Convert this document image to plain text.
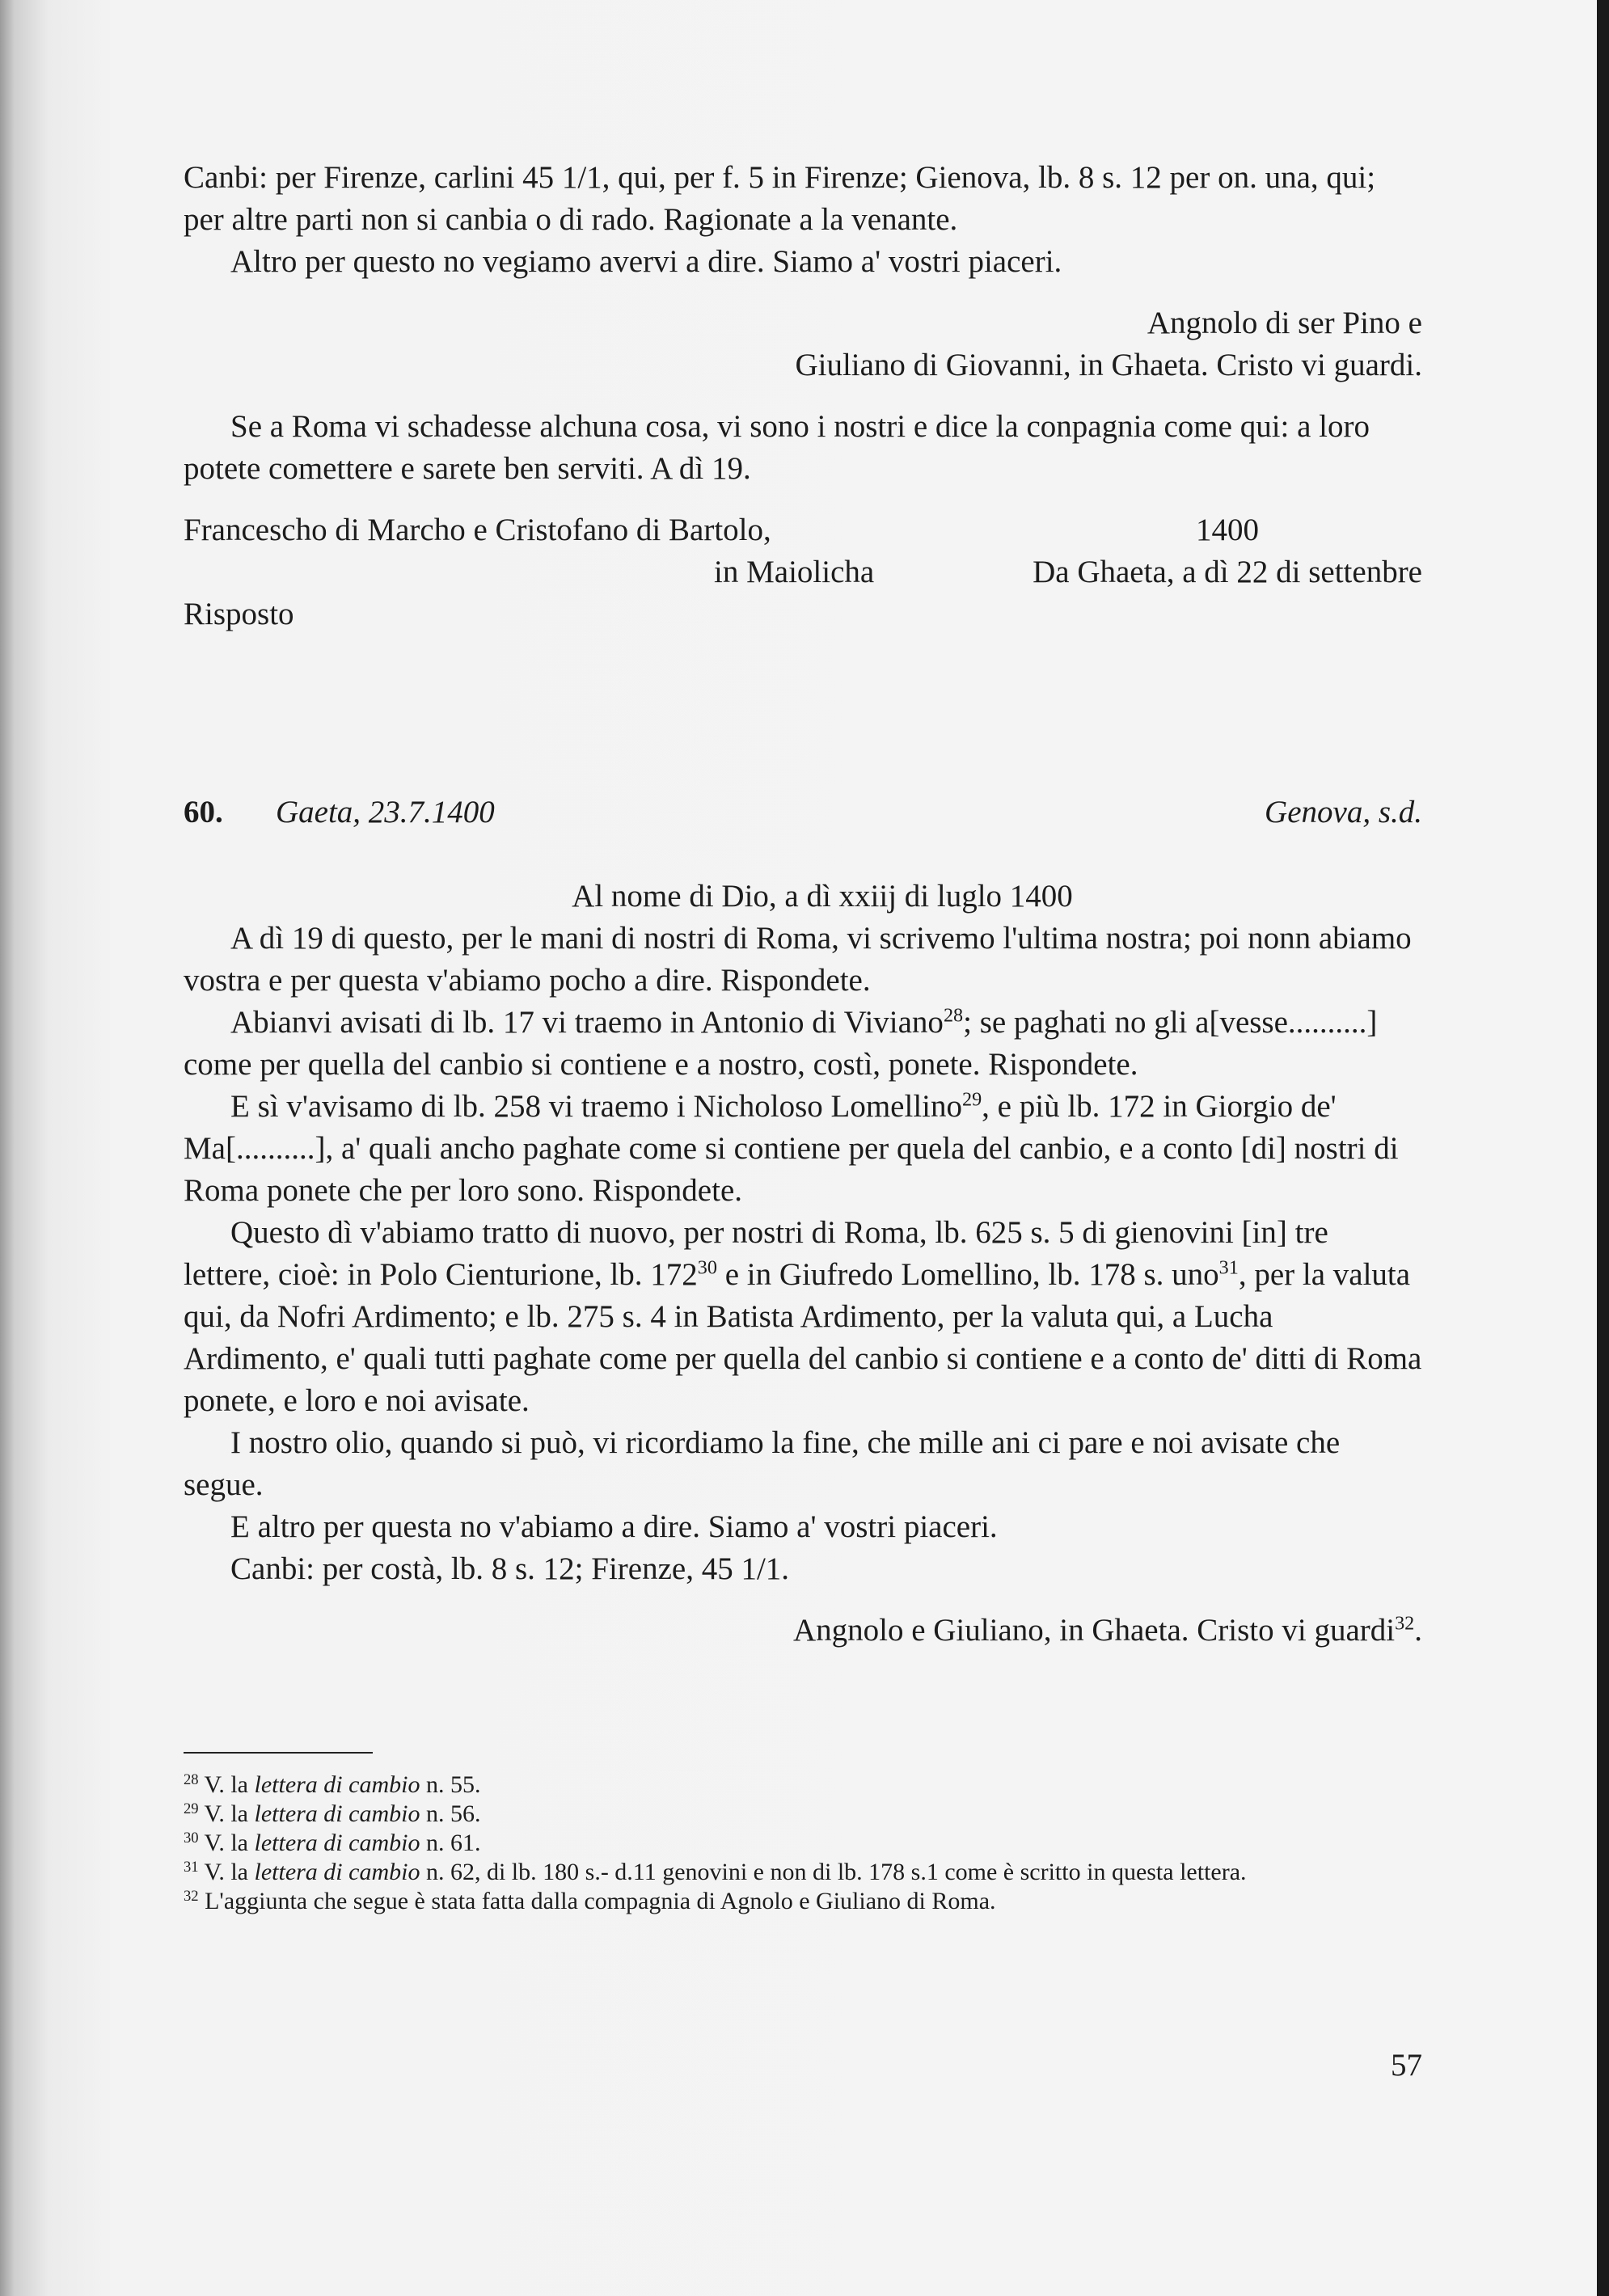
Canbi: per Firenze, carlini 45 1/1, qui, per f. 5 in Firenze; Gienova, lb. 8 s. 12 per on. una, qui; per altre parti non si canbia o di rado. Ragionate a la venante.

Altro per questo no vegiamo avervi a dire. Siamo a' vostri piaceri.

Angnolo di ser Pino e

Giuliano di Giovanni, in Ghaeta. Cristo vi guardi.

Se a Roma vi schadesse alchuna cosa, vi sono i nostri e dice la conpagnia come qui: a loro potete comettere e sarete ben serviti. A dì 19.

Francescho di Marcho e Cristofano di Bartolo,	1400
in Maiolicha	Da Ghaeta, a dì 22 di settenbre
Risposto
60. Gaeta, 23.7.1400	Genova, s.d.

Al nome di Dio, a dì xxiij di luglo 1400

A dì 19 di questo, per le mani di nostri di Roma, vi scrivemo l'ultima nostra; poi nonn abiamo vostra e per questa v'abiamo pocho a dire. Rispondete.

Abianvi avisati di lb. 17 vi traemo in Antonio di Viviano$^{28}$; se paghati no gli a[vesse..........] come per quella del canbio si contiene e a nostro, costì, ponete. Rispondete.

E sì v'avisamo di lb. 258 vi traemo i Nicholoso Lomellino$^{29}$, e più lb. 172 in Giorgio de' Ma[..........], a' quali ancho paghate come si contiene per quela del canbio, e a conto [di] nostri di Roma ponete che per loro sono. Rispondete.

Questo dì v'abiamo tratto di nuovo, per nostri di Roma, lb. 625 s. 5 di gienovini [in] tre lettere, cioè: in Polo Cienturione, lb. $172^{30}$ e in Giufredo Lomellino, lb. 178 s. uno$^{31}$, per la valuta qui, da Nofri Ardimento; e lb. 275 s. 4 in Batista Ardimento, per la valuta qui, a Lucha Ardimento, e' quali tutti paghate come per quella del canbio si contiene e a conto de' ditti di Roma ponete, e loro e noi avisate.

I nostro olio, quando si può, vi ricordiamo la fine, che mille ani ci pare e noi avisate che segue.

E altro per questa no v'abiamo a dire. Siamo a' vostri piaceri.

Canbi: per costà, lb. 8 s. 12; Firenze, 45 1/1.

Angnolo e Giuliano, in Ghaeta. Cristo vi guardi$^{32}$.

$^{28}$ V. la lettera di cambio n. 55.

$^{29}$ V. la lettera di cambio n. 56.

$^{30}$ V. la lettera di cambio n. 61.

$^{31}$ V. la lettera di cambio n. 62, di lb. 180 s.- d.11 genovini e non di lb. 178 s.1 come è scritto in questa lettera.

$^{32}$ L'aggiunta che segue è stata fatta dalla compagnia di Agnolo e Giuliano di Roma.

57
